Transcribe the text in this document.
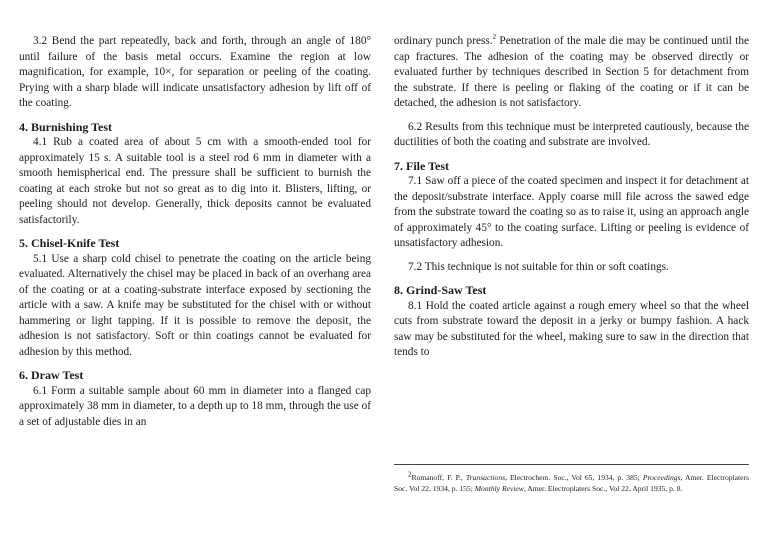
3.2 Bend the part repeatedly, back and forth, through an angle of 180° until failure of the basis metal occurs. Examine the region at low magnification, for example, 10×, for separation or peeling of the coating. Prying with a sharp blade will indicate unsatisfactory adhesion by lift off of the coating.

4. Burnishing Test

4.1 Rub a coated area of about 5 cm with a smooth-ended tool for approximately 15 s. A suitable tool is a steel rod 6 mm in diameter with a smooth hemispherical end. The pressure shall be sufficient to burnish the coating at each stroke but not so great as to dig into it. Blisters, lifting, or peeling should not develop. Generally, thick deposits cannot be evaluated satisfactorily.

5. Chisel-Knife Test

5.1 Use a sharp cold chisel to penetrate the coating on the article being evaluated. Alternatively the chisel may be placed in back of an overhang area of the coating or at a coating-substrate interface exposed by sectioning the article with a saw. A knife may be substituted for the chisel with or without hammering or light tapping. If it is possible to remove the deposit, the adhesion is not satisfactory. Soft or thin coatings cannot be evaluated for adhesion by this method.

6. Draw Test

6.1 Form a suitable sample about 60 mm in diameter into a flanged cap approximately 38 mm in diameter, to a depth up to 18 mm, through the use of a set of adjustable dies in an

ordinary punch press.$^2$ Penetration of the male die may be continued until the cap fractures. The adhesion of the coating may be observed directly or evaluated further by techniques described in Section 5 for detachment from the substrate. If there is peeling or flaking of the coating or if it can be detached, the adhesion is not satisfactory.

6.2 Results from this technique must be interpreted cautiously, because the ductilities of both the coating and substrate are involved.

7. File Test

7.1 Saw off a piece of the coated specimen and inspect it for detachment at the deposit/substrate interface. Apply coarse mill file across the sawed edge from the substrate toward the coating so as to raise it, using an approach angle of approximately 45° to the coating surface. Lifting or peeling is evidence of unsatisfactory adhesion.

7.2 This technique is not suitable for thin or soft coatings.

8. Grind-Saw Test

8.1 Hold the coated article against a rough emery wheel so that the wheel cuts from substrate toward the deposit in a jerky or bumpy fashion. A hack saw may be substituted for the wheel, making sure to saw in the direction that tends to

$^2$Romanoff, F. P., Transactions, Electrochem. Soc., Vol 65, 1934, p. 385; Proceedings, Amer. Electroplaters Soc. Vol 22, 1934, p. 155; Monthly Review, Amer. Electroplaters Soc., Vol 22, April 1935, p. 8.
